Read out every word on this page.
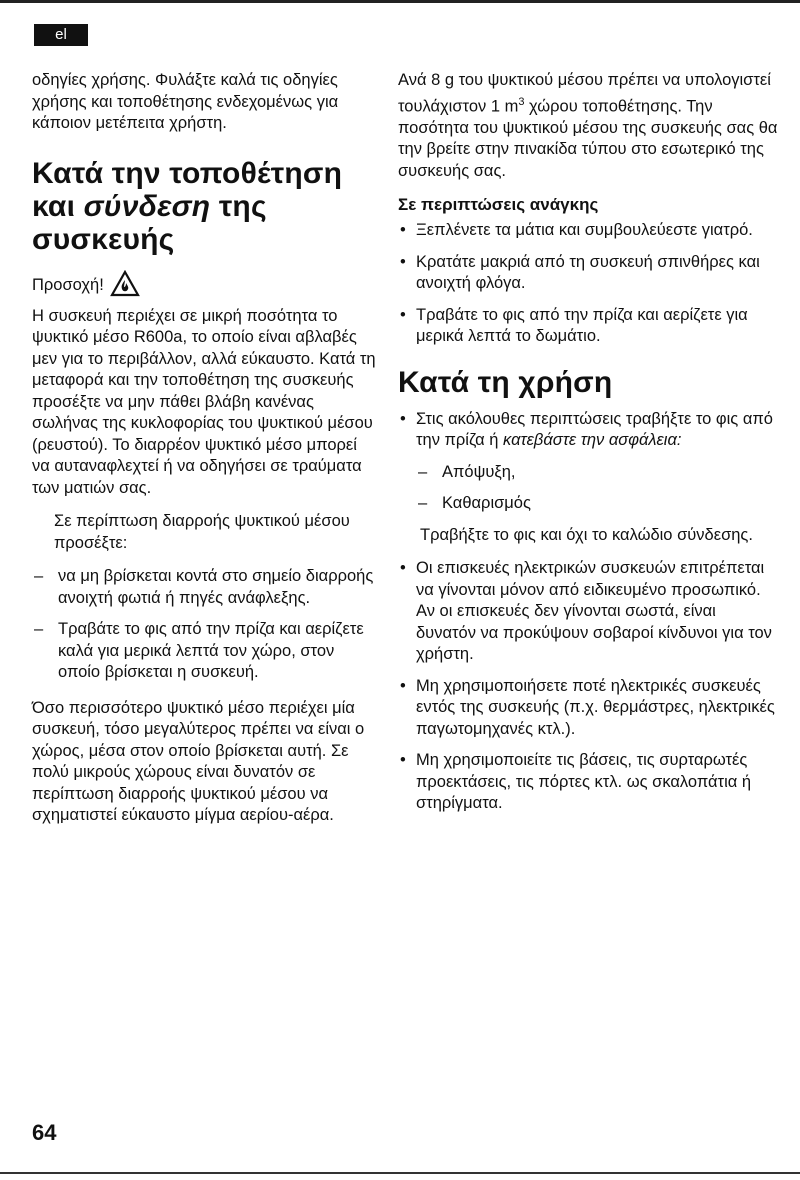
el

οδηγίες χρήσης. Φυλάξτε καλά τις οδηγίες χρήσης και τοποθέτησης ενδεχομένως για κάποιον μετέπειτα χρήστη.

Κατά την τοποθέτηση και σύνδεση της συσκευής
Προσοχή!

Η συσκευή περιέχει σε μικρή ποσότητα το ψυκτικό μέσο R600a, το οποίο είναι αβλαβές μεν για το περιβάλλον, αλλά εύκαυστο. Κατά τη μεταφορά και την τοποθέτηση της συσκευής προσέξτε να μην πάθει βλάβη κανένας σωλήνας της κυκλοφορίας του ψυκτικού μέσου (ρευστού). Το διαρρέον ψυκτικό μέσο μπορεί να αυταναφλεχτεί ή να οδηγήσει σε τραύματα των ματιών σας.

Σε περίπτωση διαρροής ψυκτικού μέσου προσέξτε:

– να μη βρίσκεται κοντά στο σημείο διαρροής ανοιχτή φωτιά ή πηγές ανάφλεξης.
– Τραβάτε το φις από την πρίζα και αερίζετε καλά για μερικά λεπτά τον χώρο, στον οποίο βρίσκεται η συσκευή.

Όσο περισσότερο ψυκτικό μέσο περιέχει μία συσκευή, τόσο μεγαλύτερος πρέπει να είναι ο χώρος, μέσα στον οποίο βρίσκεται αυτή. Σε πολύ μικρούς χώρους είναι δυνατόν σε περίπτωση διαρροής ψυκτικού μέσου να σχηματιστεί εύκαυστο μίγμα αερίου-αέρα.

Ανά 8 g του ψυκτικού μέσου πρέπει να υπολογιστεί τουλάχιστον 1 $m^3$ χώρου τοποθέτησης. Την ποσότητα του ψυκτικού μέσου της συσκευής σας θα την βρείτε στην πινακίδα τύπου στο εσωτερικό της συσκευής σας.

Σε περιπτώσεις ανάγκης
• Ξεπλένετε τα μάτια και συμβουλεύεστε γιατρό.
• Κρατάτε μακριά από τη συσκευή σπινθήρες και ανοιχτή φλόγα.
• Τραβάτε το φις από την πρίζα και αερίζετε για μερικά λεπτά το δωμάτιο.
Κατά τη χρήση
• Στις ακόλουθες περιπτώσεις τραβήξτε το φις από την πρίζα ή κατεβάστε την ασφάλεια:
– Απόψυξη,
– Καθαρισμός

Τραβήξτε το φις και όχι το καλώδιο σύνδεσης.

• Οι επισκευές ηλεκτρικών συσκευών επιτρέπεται να γίνονται μόνον από ειδικευμένο προσωπικό. Αν οι επισκευές δεν γίνονται σωστά, είναι δυνατόν να προκύψουν σοβαροί κίνδυνοι για τον χρήστη.
• Μη χρησιμοποιήσετε ποτέ ηλεκτρικές συσκευές εντός της συσκευής (π.χ. θερμάστρες, ηλεκτρικές παγωτομηχανές κτλ.).
• Μη χρησιμοποιείτε τις βάσεις, τις συρταρωτές προεκτάσεις, τις πόρτες κτλ. ως σκαλοπάτια ή στηρίγματα.
64
